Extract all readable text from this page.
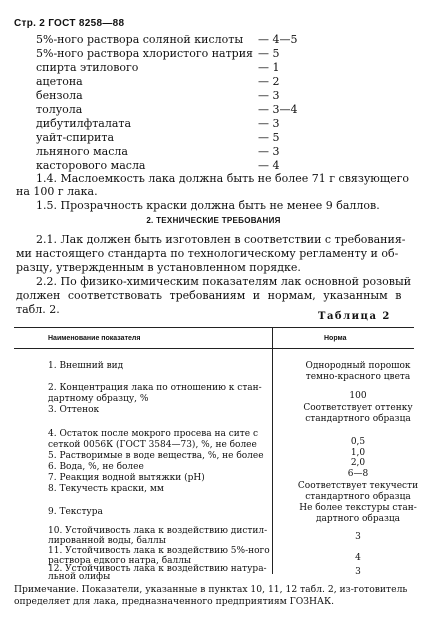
Стр. 2 ГОСТ 8258—88
5%-ного раствора соляной кислоты — 4—5
5%-ного раствора хлористого натрия — 5
спирта этилового	— 1
ацетона	— 2
бензола	— 3
толуола	— 3—4
дибутилфталата	— 3
уайт-спирита	— 5
льняного масла	— 3
касторового масла	— 4
1.4. Маслоемкость лака должна быть не более 71 г связующего
на 100 г лака.
1.5. Прозрачность краски должна быть не менее 9 баллов.
2. ТЕХНИЧЕСКИЕ ТРЕБОВАНИЯ
2.1. Лак должен быть изготовлен в соответствии с требования-
ми настоящего стандарта по технологическому регламенту и об-
разцу, утвержденным в установленном порядке.
2.2. По физико-химическим показателям лак основной розовый
должен соответствовать требованиям и нормам, указанным в
табл. 2.
Таблица 2
Наименование показателя	Норма
1. Внешний вид	Однородный порошок
темно-красного цвета
2. Концентрация лака по отношению к стан-
дартному образцу, %	100
3. Оттенок	Соответствует оттенку
стандартного образца
4. Остаток после мокрого просева на сите с
сеткой 0056К (ГОСТ 3584—73), %, не более	0,5
5. Растворимые в воде вещества, %, не более	1,0
6. Вода, %, не более	2,0
7. Реакция водной вытяжки (рН)	6—8
8. Текучесть краски, мм	Соответствует текучести
стандартного образца
9. Текстура	Не более текстуры стан-
дартного образца
10. Устойчивость лака к воздействию дистил-
лированной воды, баллы	3
11. Устойчивость лака к воздействию 5%-ного
раствора едкого натра, баллы	4
12. Устойчивость лака к воздействию натура-
льной олифы	3
Примечание. Показатели, указанные в пунктах 10, 11, 12 табл. 2, из-готовитель определяет для лака, предназначенного предприятиям ГОЗНАК.
